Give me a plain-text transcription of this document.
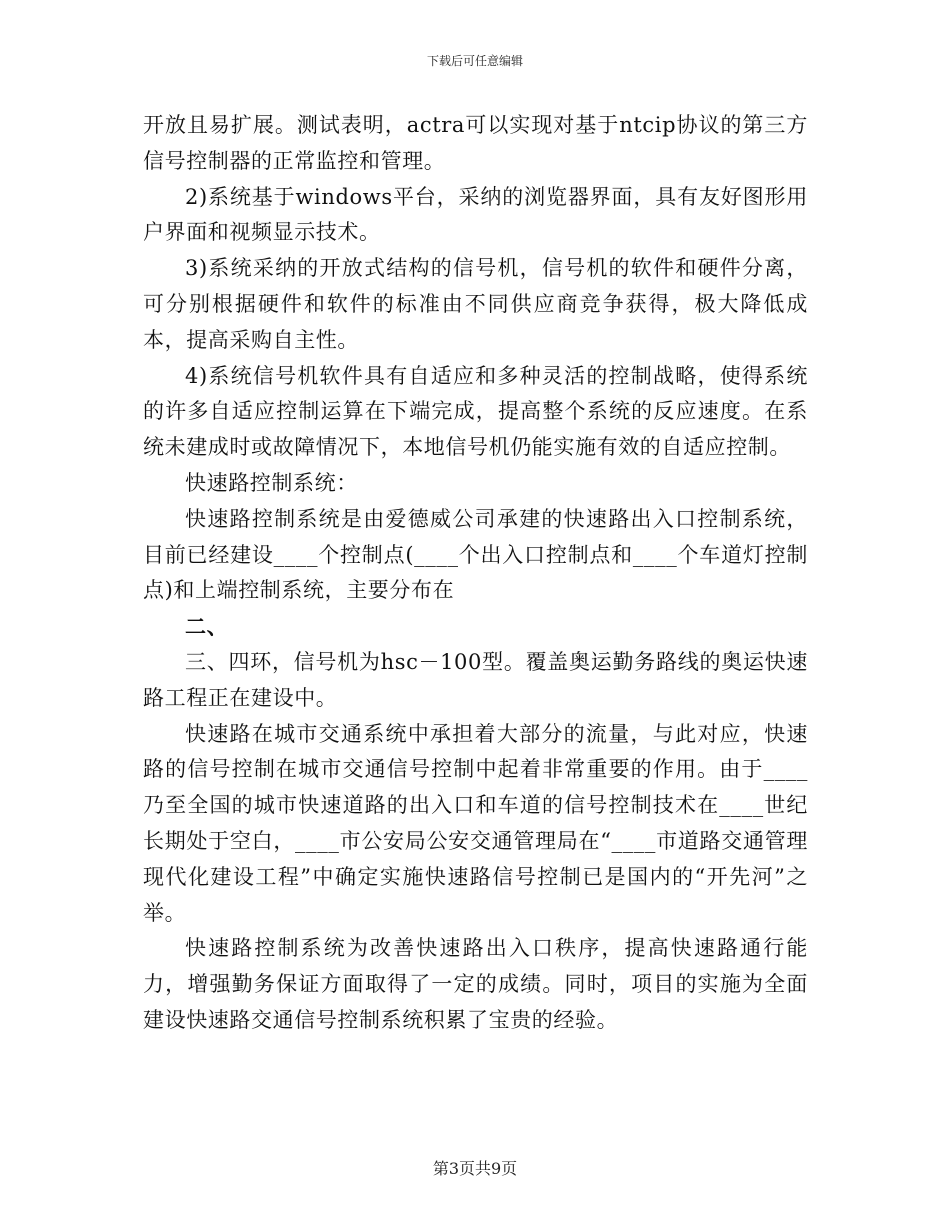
下载后可任意编辑

开放且易扩展。测试表明，actra可以实现对基于ntcip协议的第三方信号控制器的正常监控和管理。

2)系统基于windows平台，采纳的浏览器界面，具有友好图形用户界面和视频显示技术。

3)系统采纳的开放式结构的信号机，信号机的软件和硬件分离，可分别根据硬件和软件的标准由不同供应商竞争获得，极大降低成本，提高采购自主性。

4)系统信号机软件具有自适应和多种灵活的控制战略，使得系统的许多自适应控制运算在下端完成，提高整个系统的反应速度。在系统未建成时或故障情况下，本地信号机仍能实施有效的自适应控制。

快速路控制系统：

快速路控制系统是由爱德威公司承建的快速路出入口控制系统，目前已经建设____个控制点(____个出入口控制点和____个车道灯控制点)和上端控制系统，主要分布在

二、

三、四环，信号机为hsc－100型。覆盖奥运勤务路线的奥运快速路工程正在建设中。

快速路在城市交通系统中承担着大部分的流量，与此对应，快速路的信号控制在城市交通信号控制中起着非常重要的作用。由于____乃至全国的城市快速道路的出入口和车道的信号控制技术在____世纪长期处于空白，____市公安局公安交通管理局在“____市道路交通管理现代化建设工程”中确定实施快速路信号控制已是国内的“开先河”之举。

快速路控制系统为改善快速路出入口秩序，提高快速路通行能力，增强勤务保证方面取得了一定的成绩。同时，项目的实施为全面建设快速路交通信号控制系统积累了宝贵的经验。

第3页共9页
